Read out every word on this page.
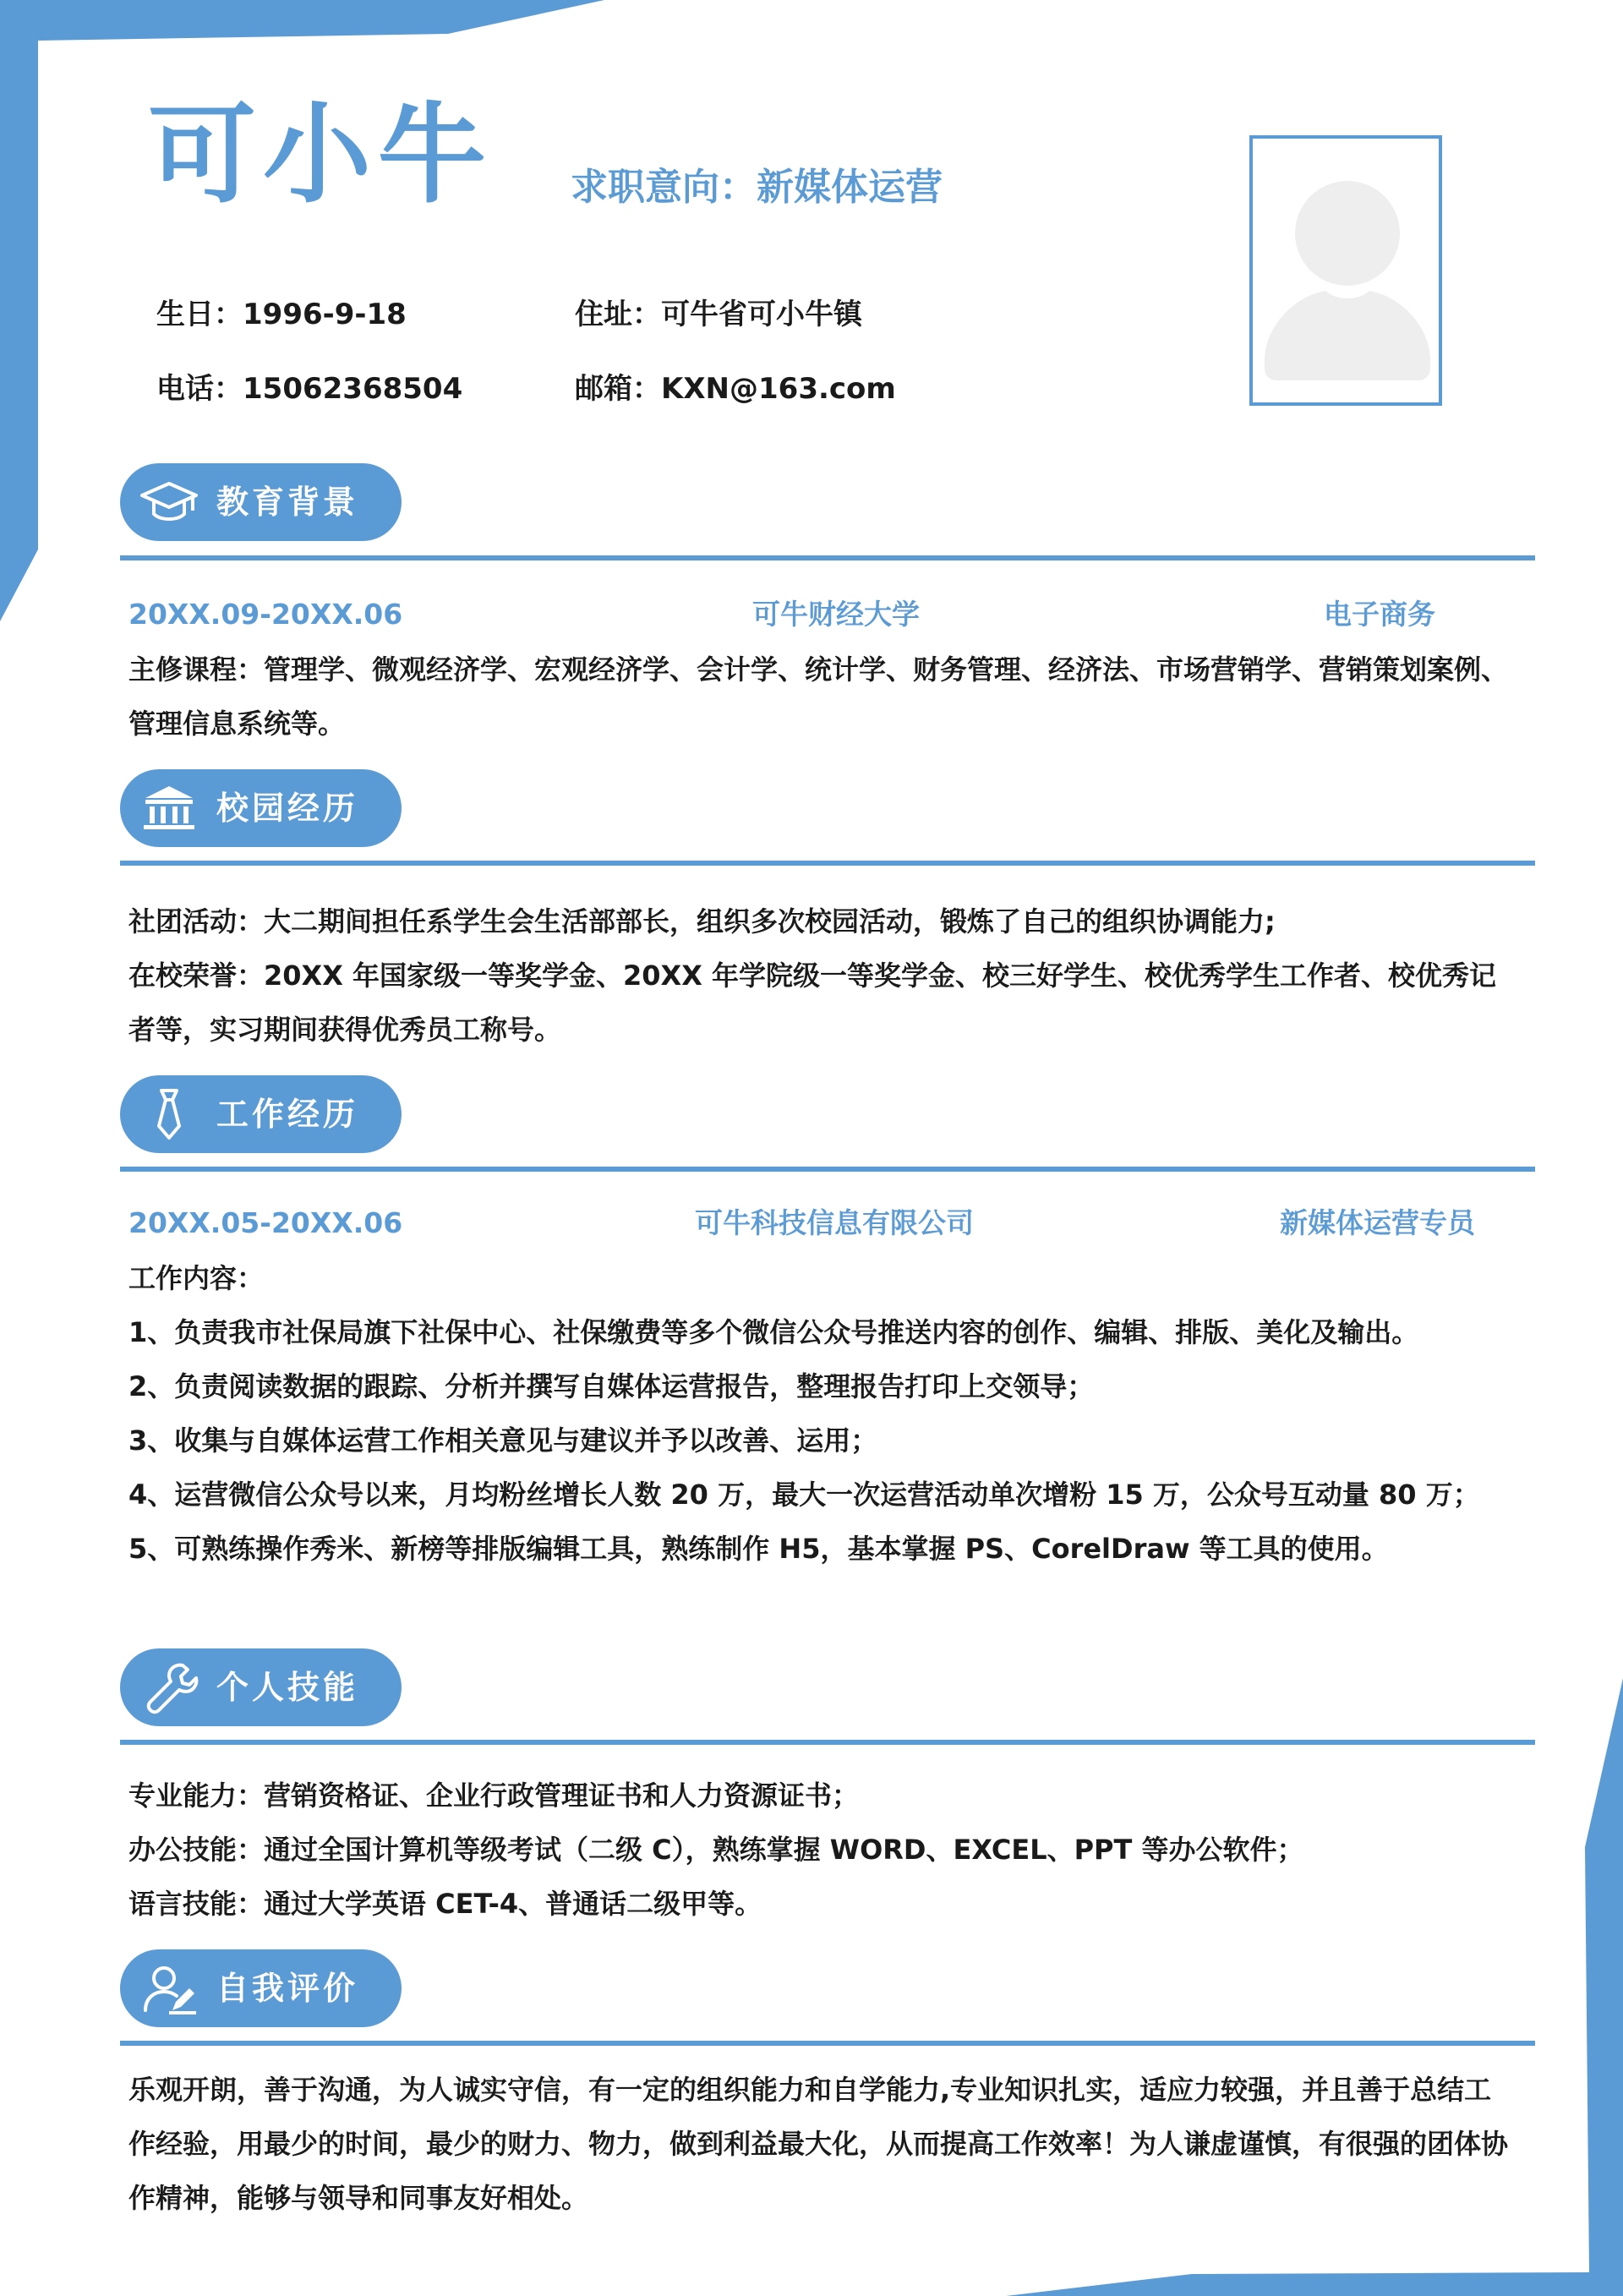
可小牛 求职意向：新媒体运营
生日：1996-9-18	住址：可牛省可小牛镇
电话：15062368504	邮箱：KXN@163.com
教育背景
20XX.09-20XX.06	可牛财经大学	电子商务

主修课程：管理学、微观经济学、宏观经济学、会计学、统计学、财务管理、经济法、市场营销学、营销策划案例、管理信息系统等。

校园经历

社团活动：大二期间担任系学生会生活部部长，组织多次校园活动，锻炼了自己的组织协调能力;

在校荣誉：20XX 年国家级一等奖学金、20XX 年学院级一等奖学金、校三好学生、校优秀学生工作者、校优秀记者等，实习期间获得优秀员工称号。

工作经历
20XX.05-20XX.06	可牛科技信息有限公司	新媒体运营专员

工作内容：

1、负责我市社保局旗下社保中心、社保缴费等多个微信公众号推送内容的创作、编辑、排版、美化及输出。

2、负责阅读数据的跟踪、分析并撰写自媒体运营报告，整理报告打印上交领导；

3、收集与自媒体运营工作相关意见与建议并予以改善、运用；

4、运营微信公众号以来，月均粉丝增长人数 20 万，最大一次运营活动单次增粉 15 万，公众号互动量 80 万；

5、可熟练操作秀米、新榜等排版编辑工具，熟练制作 H5，基本掌握 PS、CorelDraw 等工具的使用。

个人技能

专业能力：营销资格证、企业行政管理证书和人力资源证书；

办公技能：通过全国计算机等级考试（二级 C），熟练掌握 WORD、EXCEL、PPT 等办公软件；

语言技能：通过大学英语 CET-4、普通话二级甲等。

自我评价

乐观开朗，善于沟通，为人诚实守信，有一定的组织能力和自学能力,专业知识扎实，适应力较强，并且善于总结工作经验，用最少的时间，最少的财力、物力，做到利益最大化，从而提高工作效率！为人谦虚谨慎，有很强的团体协作精神，能够与领导和同事友好相处。
